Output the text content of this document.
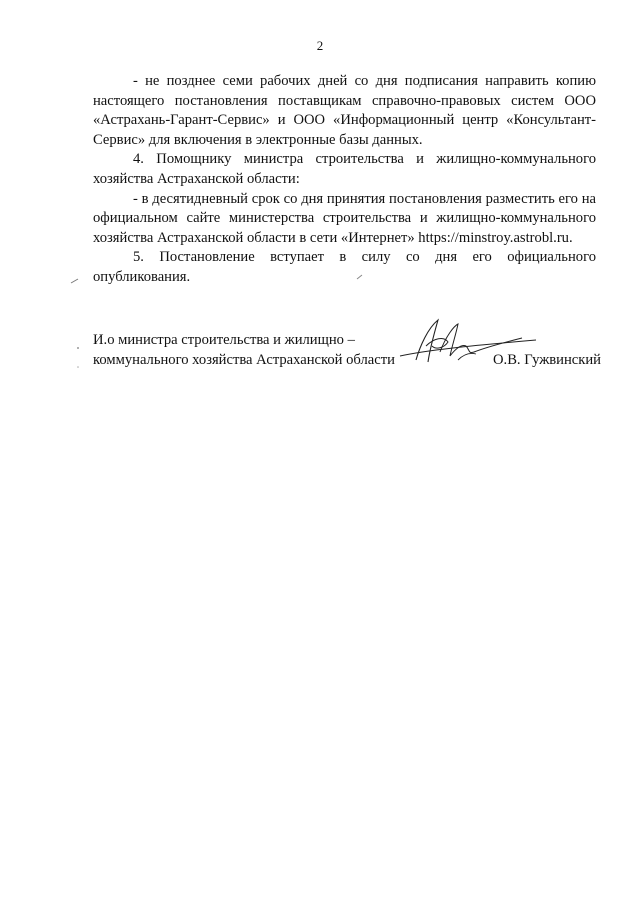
2

- не позднее семи рабочих дней со дня подписания направить копию настоящего постановления поставщикам справочно-правовых систем ООО «Астрахань-Гарант-Сервис» и ООО «Информационный центр «Консультант-Сервис» для включения в электронные базы данных.

4. Помощнику министра строительства и жилищно-коммунального хозяйства Астраханской области:

- в десятидневный срок со дня принятия постановления разместить его на официальном сайте министерства строительства и жилищно-коммунального хозяйства Астраханской области в сети «Интернет» https://minstroy.astrobl.ru.

5. Постановление вступает в силу со дня его официального опубликования.

И.о министра строительства и жилищно –
коммунального хозяйства Астраханской области	О.В. Гужвинский
